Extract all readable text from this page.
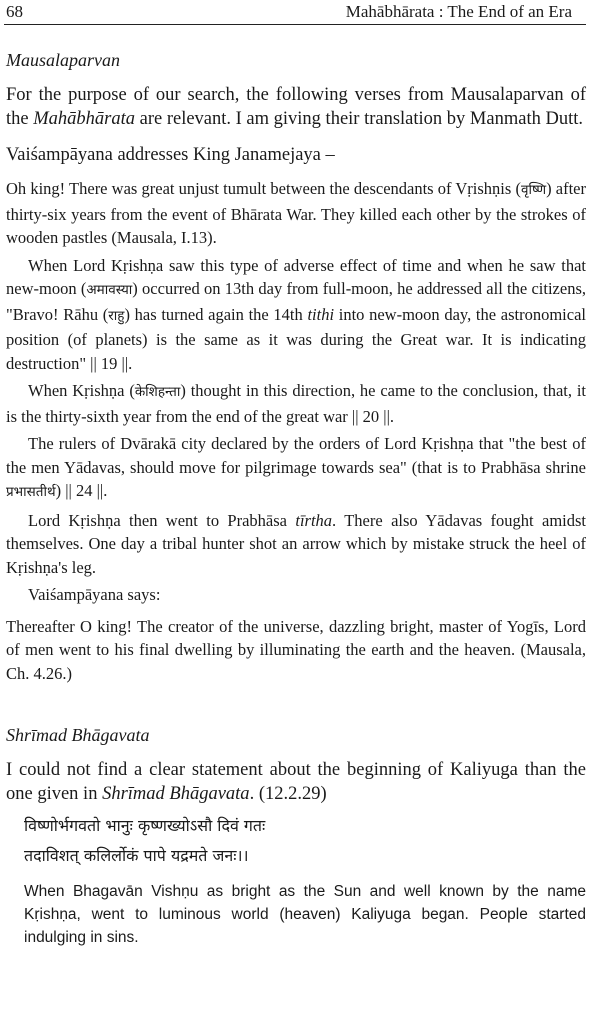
68	Mahābhārata : The End of an Era
Mausalaparvan

For the purpose of our search, the following verses from Mausalaparvan of the Mahābhārata are relevant. I am giving their translation by Manmath Dutt.

Vaiśampāyana addresses King Janamejaya –

Oh king! There was great unjust tumult between the descendants of Vṛishṇis (वृष्णि) after thirty-six years from the event of Bhārata War. They killed each other by the strokes of wooden pastles (Mausala, I.13).

When Lord Kṛishṇa saw this type of adverse effect of time and when he saw that new-moon (अमावस्या) occurred on 13th day from full-moon, he addressed all the citizens, "Bravo! Rāhu (राहु) has turned again the 14th tithi into new-moon day, the astronomical position (of planets) is the same as it was during the Great war. It is indicating destruction" || 19 ||.

When Kṛishṇa (केशिहन्ता) thought in this direction, he came to the conclusion, that, it is the thirty-sixth year from the end of the great war || 20 ||.

The rulers of Dvārakā city declared by the orders of Lord Kṛishṇa that "the best of the men Yādavas, should move for pilgrimage towards sea" (that is to Prabhāsa shrine प्रभासतीर्थ) || 24 ||.

Lord Kṛishṇa then went to Prabhāsa tīrtha. There also Yādavas fought amidst themselves. One day a tribal hunter shot an arrow which by mistake struck the heel of Kṛishṇa's leg.

Vaiśampāyana says:

Thereafter O king! The creator of the universe, dazzling bright, master of Yogīs, Lord of men went to his final dwelling by illuminating the earth and the heaven. (Mausala, Ch. 4.26.)

Shrīmad Bhāgavata

I could not find a clear statement about the beginning of Kaliyuga than the one given in Shrīmad Bhāgavata. (12.2.29)

विष्णोर्भगवतो भानुः कृष्णख्योऽसौ दिवं गतः
तदाविशत् कलिर्लोकं पापे यद्रमते जनः।।

When Bhagavān Vishṇu as bright as the Sun and well known by the name Kṛishṇa, went to luminous world (heaven) Kaliyuga began. People started indulging in sins.
